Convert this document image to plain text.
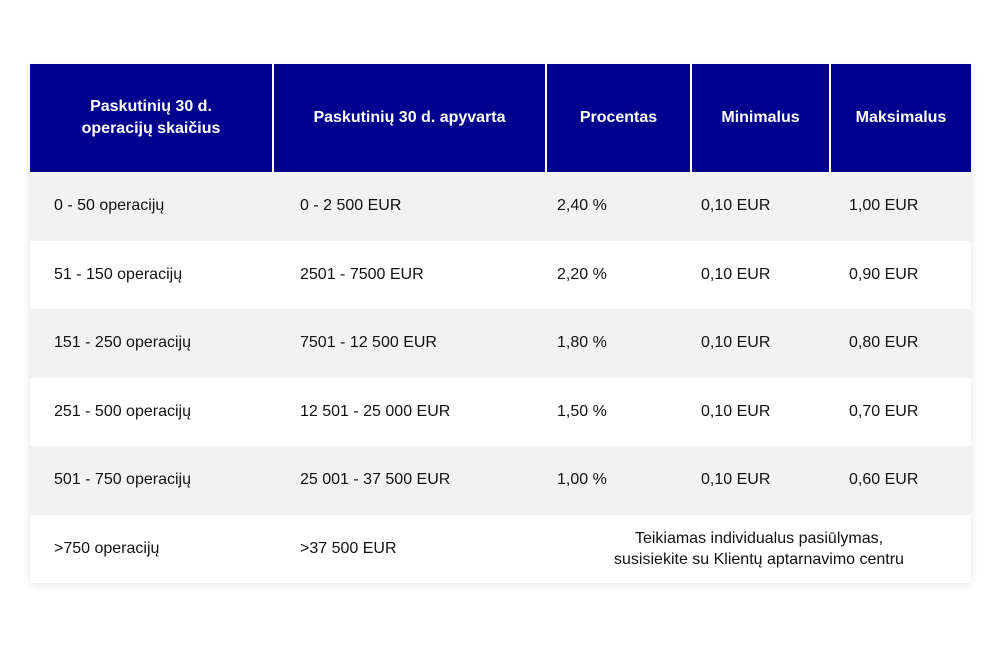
Paskutinių 30 d.
operacijų skaičius
Paskutinių 30 d. apyvarta	Procentas	Minimalus	Maksimalus
0 - 50 operacijų	0 - 2 500 EUR	2,40 %	0,10 EUR	1,00 EUR
51 - 150 operacijų	2501 - 7500 EUR	2,20 %	0,10 EUR	0,90 EUR
151 - 250 operacijų	7501 - 12 500 EUR	1,80 %	0,10 EUR	0,80 EUR
251 - 500 operacijų	12 501 - 25 000 EUR	1,50 %	0,10 EUR	0,70 EUR
501 - 750 operacijų	25 001 - 37 500 EUR	1,00 %	0,10 EUR	0,60 EUR
>750 operacijų	>37 500 EUR
Teikiamas individualus pasiūlymas,
susisiekite su Klientų aptarnavimo centru
